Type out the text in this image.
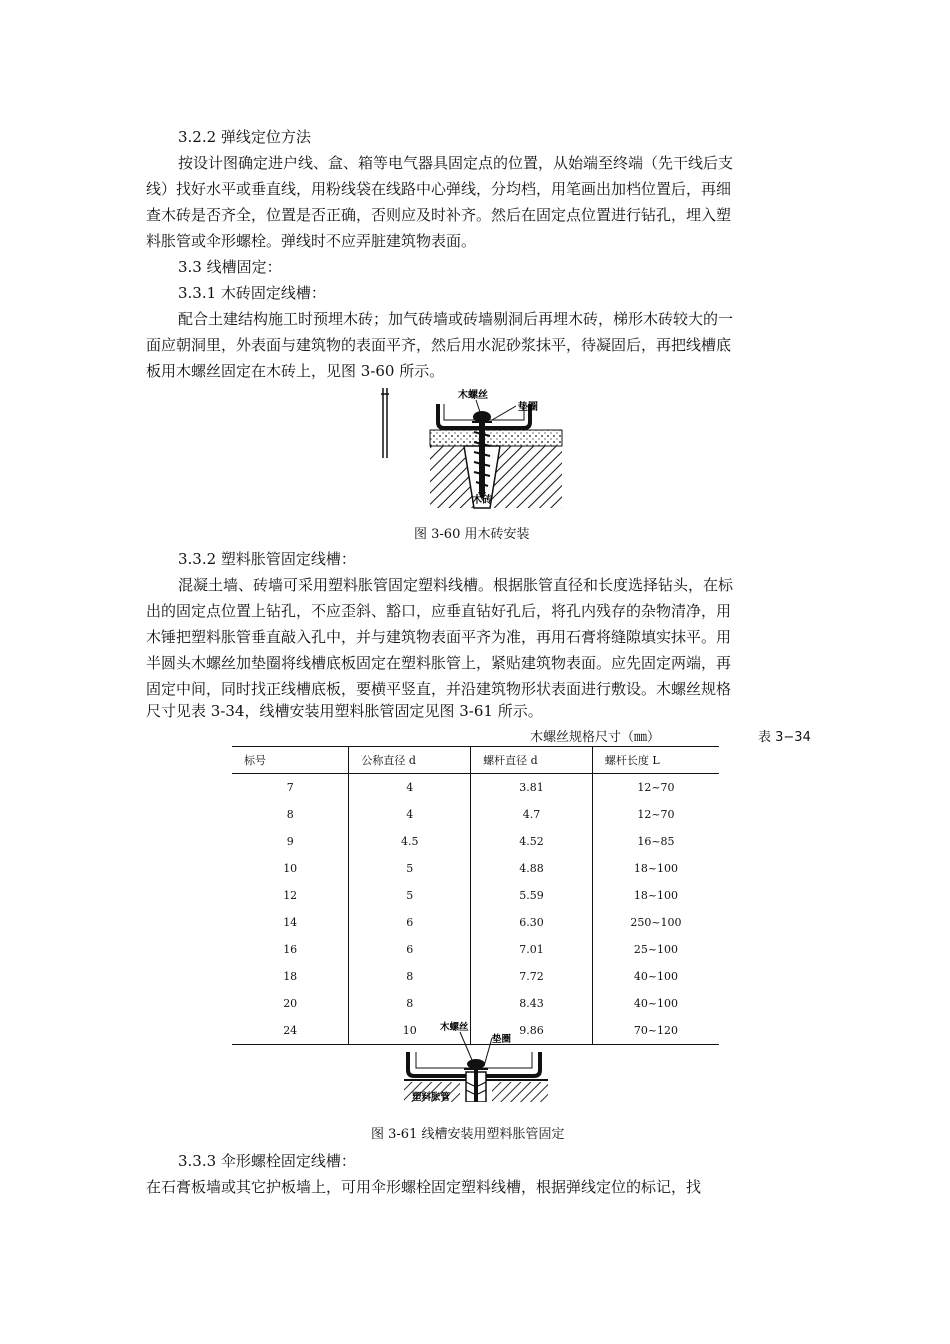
3.2.2 弹线定位方法
按设计图确定进户线、盒、箱等电气器具固定点的位置，从始端至终端（先干线后支
线）找好水平或垂直线，用粉线袋在线路中心弹线，分均档，用笔画出加档位置后，再细
查木砖是否齐全，位置是否正确，否则应及时补齐。然后在固定点位置进行钻孔，埋入塑
料胀管或伞形螺栓。弹线时不应弄脏建筑物表面。
3.3 线槽固定：
3.3.1 木砖固定线槽：
配合土建结构施工时预埋木砖；加气砖墙或砖墙剔洞后再埋木砖，梯形木砖较大的一
面应朝洞里，外表面与建筑物的表面平齐，然后用水泥砂浆抹平，待凝固后，再把线槽底
板用木螺丝固定在木砖上，见图 3-60 所示。
木螺丝
垫圈
木砖
图 3-60 用木砖安装
3.3.2 塑料胀管固定线槽：
混凝土墙、砖墙可采用塑料胀管固定塑料线槽。根据胀管直径和长度选择钻头，在标
出的固定点位置上钻孔，不应歪斜、豁口，应垂直钻好孔后，将孔内残存的杂物清净，用
木锤把塑料胀管垂直敲入孔中，并与建筑物表面平齐为准，再用石膏将缝隙填实抹平。用
半圆头木螺丝加垫圈将线槽底板固定在塑料胀管上，紧贴建筑物表面。应先固定两端，再
固定中间，同时找正线槽底板，要横平竖直，并沿建筑物形状表面进行敷设。木螺丝规格
尺寸见表 3-34，线槽安装用塑料胀管固定见图 3-61 所示。
木螺丝规格尺寸（㎜）	表 3−34
标号	公称直径 d	螺杆直径 d	螺杆长度 L
7	4	3.81	12~70
8	4	4.7	12~70
9	4.5	4.52	16~85
10	5	4.88	18~100
12	5	5.59	18~100
14	6	6.30	250~100
16	6	7.01	25~100
18	8	7.72	40~100
20	8	8.43	40~100
24	10	9.86	70~120
木螺丝
垫圈
塑料胀管
图 3-61 线槽安装用塑料胀管固定
3.3.3 伞形螺栓固定线槽：
在石膏板墙或其它护板墙上，可用伞形螺栓固定塑料线槽，根据弹线定位的标记，找
